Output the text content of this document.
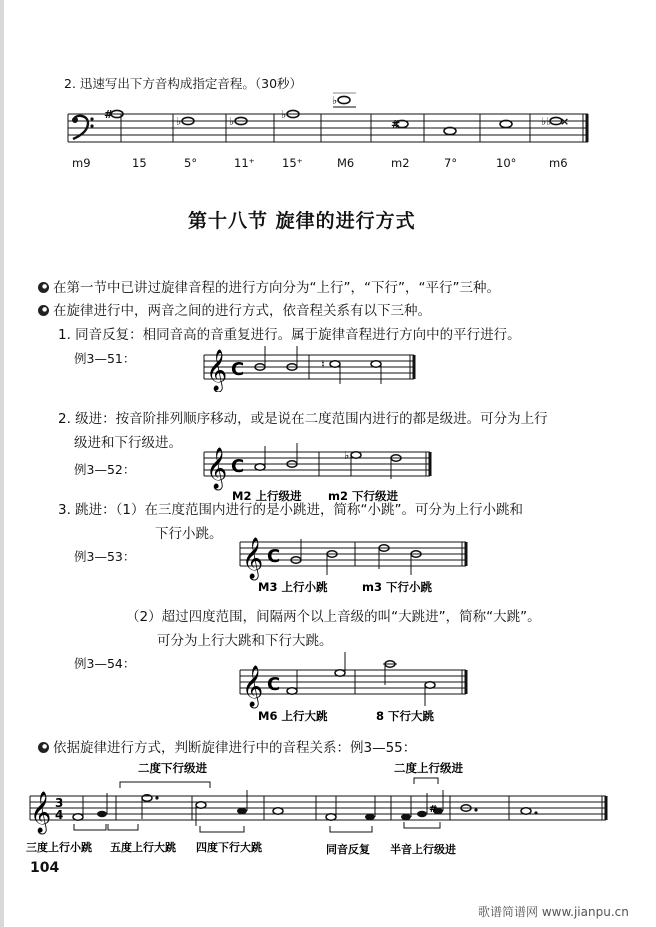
2. 迅速写出下方音构成指定音程。（30秒）
#
♭	♭
♭
♭
#	♭♭ ×
m9	15	5°	11⁺ 15⁺	M6	m2	7°	10°	m6
第十八节 旋律的进行方式
在第一节中已讲过旋律音程的进行方向分为“上行”，“下行”，“平行”三种。
在旋律进行中，两音之间的进行方式，依音程关系有以下三种。
1. 同音反复：相同音高的音重复进行。属于旋律音程进行方向中的平行进行。
例3—51： 𝄞 C	♮
2. 级进：按音阶排列顺序移动，或是说在二度范围内进行的都是级进。可分为上行
级进和下行级进。
例3—52： 𝄞 C
♭
M2 上行级进 m2 下行级进
3. 跳进：（1）在三度范围内进行的是小跳进，简称“小跳”。可分为上行小跳和
下行小跳。
例3—53：	𝄞 C
M3 上行小跳	m3 下行小跳
（2）超过四度范围，间隔两个以上音级的叫“大跳进”，简称“大跳”。
可分为上行大跳和下行大跳。
例3—54：
𝄞 C
M6 上行大跳	8 下行大跳
依据旋律进行方式，判断旋律进行中的音程关系：例3—55：
二度下行级进	二度上行级进
𝄞 3
4	#
三度上行小跳 五度上行大跳 四度下行大跳	同音反复 半音上行级进
104
歌谱简谱网 www.jianpu.cn
